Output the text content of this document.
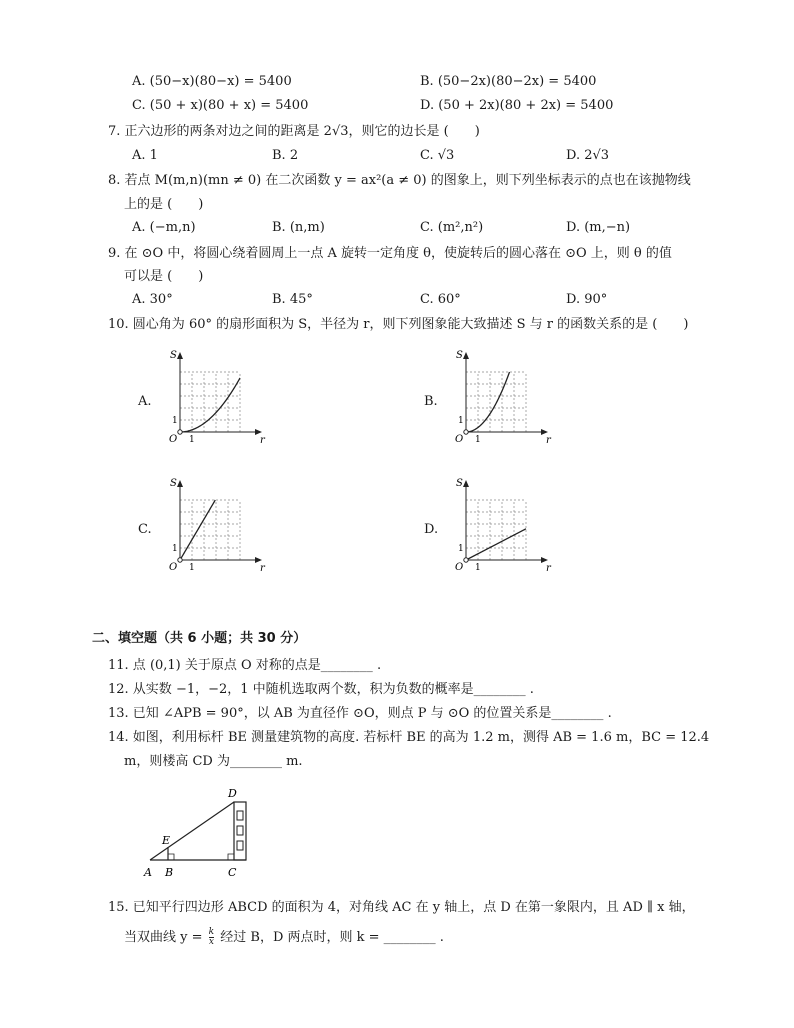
A. (50−x)(80−x) = 5400	B. (50−2x)(80−2x) = 5400
C. (50 + x)(80 + x) = 5400	D. (50 + 2x)(80 + 2x) = 5400
7. 正六边形的两条对边之间的距离是 2√3，则它的边长是 (　　)
A. 1	B. 2	C. √3	D. 2√3
8. 若点 M(m,n)(mn ≠ 0) 在二次函数 y = ax²(a ≠ 0) 的图象上，则下列坐标表示的点也在该抛物线
上的是 (　　)
A. (−m,n)	B. (n,m)	C. (m²,n²)	D. (m,−n)
9. 在 ⊙O 中，将圆心绕着圆周上一点 A 旋转一定角度 θ，使旋转后的圆心落在 ⊙O 上，则 θ 的值
可以是 (　　)
A. 30°	B. 45°	C. 60°	D. 90°
10. 圆心角为 60° 的扇形面积为 S，半径为 r，则下列图象能大致描述 S 与 r 的函数关系的是 (　　)
A.	B.
C.	D.
S
r
O 1
1
S
r
O 1
1
S
r
O 1
1
S
r
O 1
1
二、填空题（共 6 小题；共 30 分）
11. 点 (0,1) 关于原点 O 对称的点是________ .
12. 从实数 −1，−2，1 中随机选取两个数，积为负数的概率是________ .
13. 已知 ∠APB = 90°，以 AB 为直径作 ⊙O，则点 P 与 ⊙O 的位置关系是________ .
14. 如图，利用标杆 BE 测量建筑物的高度. 若标杆 BE 的高为 1.2 m，测得 AB = 1.6 m，BC = 12.4
m，则楼高 CD 为________ m.
A B	C
D
E
15. 已知平行四边形 ABCD 的面积为 4，对角线 AC 在 y 轴上，点 D 在第一象限内，且 AD ∥ x 轴，
当双曲线 $y = \frac{k}{x}$ 经过 B，D 两点时，则 k = ________ .
